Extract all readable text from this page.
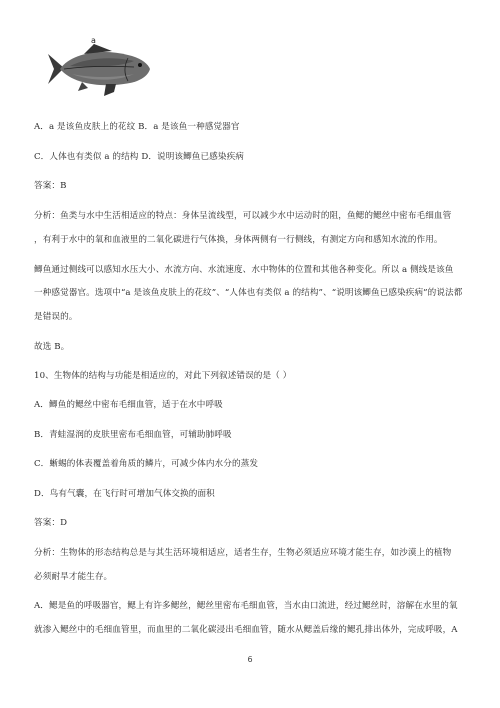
a
A．a 是该鱼皮肤上的花纹 B．a 是该鱼一种感觉器官
C．人体也有类似 a 的结构 D．说明该鲫鱼已感染疾病
答案：B
分析：鱼类与水中生活相适应的特点：身体呈流线型，可以减少水中运动时的阻，鱼鳃的鳃丝中密布毛细血管
，有利于水中的氧和血液里的二氧化碳进行气体换，身体两侧有一行侧线，有测定方向和感知水流的作用。
鲫鱼通过侧线可以感知水压大小、水流方向、水流速度、水中物体的位置和其他各种变化。所以 a 侧线是该鱼
一种感觉器官。选项中“a 是该鱼皮肤上的花纹”、“人体也有类似 a 的结构”、“说明该鲫鱼已感染疾病”的说法都
是错误的。
故选 B。
10、生物体的结构与功能是相适应的，对此下列叙述错误的是（ ）
A．鲫鱼的鳃丝中密布毛细血管，适于在水中呼吸
B．青蛙湿润的皮肤里密布毛细血管，可辅助肺呼吸
C．蜥蜴的体表覆盖着角质的鳞片，可减少体内水分的蒸发
D．鸟有气囊，在飞行时可增加气体交换的面积
答案：D
分析：生物体的形态结构总是与其生活环境相适应，适者生存，生物必须适应环境才能生存，如沙漠上的植物
必须耐旱才能生存。
A．鳃是鱼的呼吸器官，鳃上有许多鳃丝，鳃丝里密布毛细血管，当水由口流进，经过鳃丝时，溶解在水里的氧
就渗入鳃丝中的毛细血管里，而血里的二氧化碳浸出毛细血管，随水从鳃盖后缘的鳃孔排出体外，完成呼吸，A
6
